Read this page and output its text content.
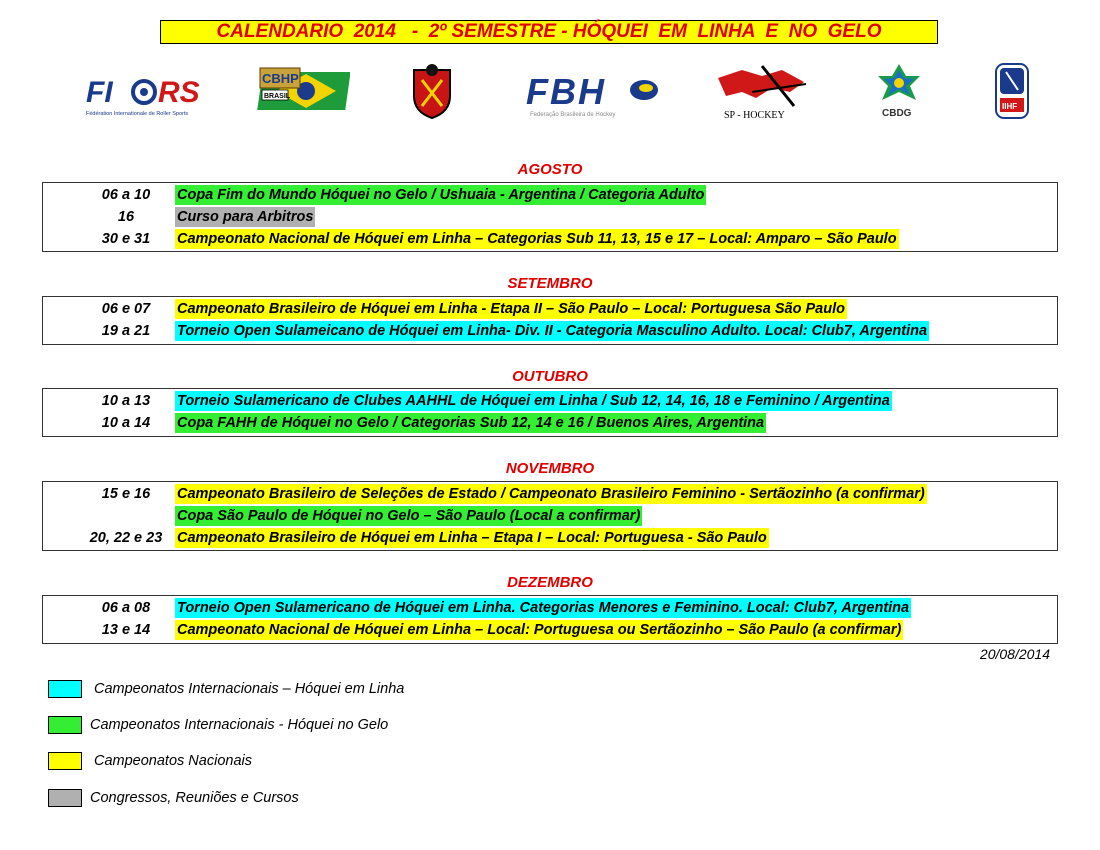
CALENDARIO  2014   -  2º SEMESTRE - HÓQUEI  EM  LINHA  E  NO  GELO
FI RS
Fédération Internationale de Roller Sports
CBHP
BRASIL	FBH
Federação Brasileira de Hockey	SP - HOCKEY	CBDG
IIHF
AGOSTO
06 a 10	Copa Fim do Mundo Hóquei no Gelo / Ushuaia - Argentina / Categoria Adulto
16	Curso para Arbitros
30 e 31	Campeonato Nacional de Hóquei em Linha – Categorias Sub 11, 13, 15 e 17 – Local: Amparo – São Paulo
SETEMBRO
06 e 07	Campeonato Brasileiro de Hóquei em Linha - Etapa II – São Paulo – Local: Portuguesa São Paulo
19 a 21	Torneio Open Sulameicano de Hóquei em Linha- Div. II - Categoria Masculino Adulto. Local: Club7, Argentina
OUTUBRO
10 a 13	Torneio Sulamericano de Clubes AAHHL de Hóquei em Linha / Sub 12, 14, 16, 18 e Feminino / Argentina
10 a 14	Copa FAHH de Hóquei no Gelo / Categorias Sub 12, 14 e 16 / Buenos Aires, Argentina
NOVEMBRO
15 e 16	Campeonato Brasileiro de Seleções de Estado / Campeonato Brasileiro Feminino - Sertãozinho (a confirmar)
Copa São Paulo de Hóquei no Gelo – São Paulo (Local a confirmar)
20, 22 e 23	Campeonato Brasileiro de Hóquei em Linha – Etapa I – Local: Portuguesa - São Paulo
DEZEMBRO
06 a 08	Torneio Open Sulamericano de Hóquei em Linha. Categorias Menores e Feminino. Local: Club7, Argentina
13 e 14	Campeonato Nacional de Hóquei em Linha – Local: Portuguesa ou Sertãozinho – São Paulo (a confirmar)
20/08/2014
Campeonatos Internacionais – Hóquei em Linha
Campeonatos Internacionais - Hóquei no Gelo
Campeonatos Nacionais
Congressos, Reuniões e Cursos
